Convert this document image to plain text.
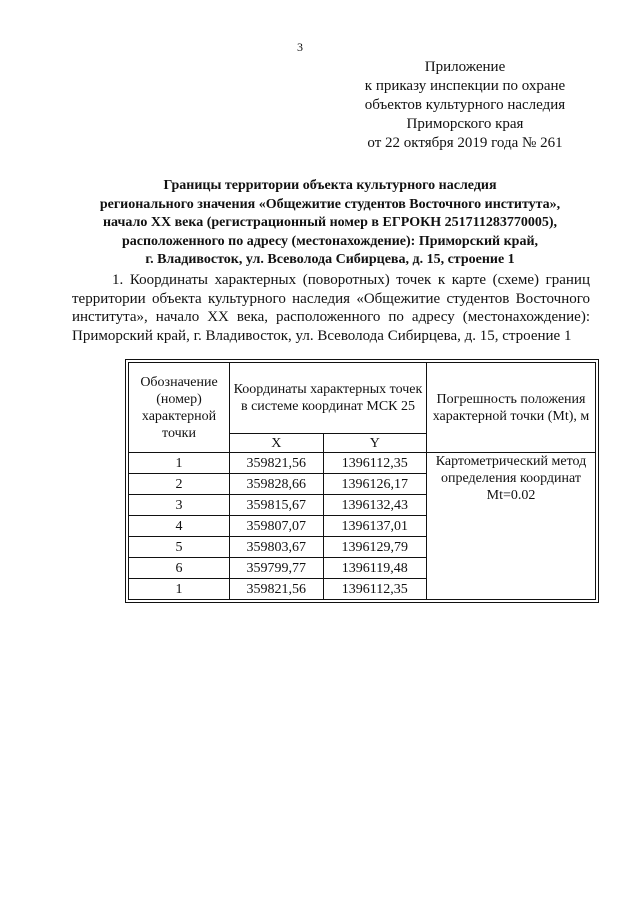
3
Приложение
к приказу инспекции по охране
объектов культурного наследия
Приморского края
от 22 октября 2019 года № 261
Границы территории объекта культурного наследия
регионального значения «Общежитие студентов Восточного института»,
начало XX века (регистрационный номер в ЕГРОКН 251711283770005),
расположенного по адресу (местонахождение): Приморский край,
г. Владивосток, ул. Всеволода Сибирцева, д. 15, строение 1
1. Координаты характерных (поворотных) точек к карте (схеме) границ территории объекта культурного наследия «Общежитие студентов Восточного института», начало XX века, расположенного по адресу (местонахождение): Приморский край, г. Владивосток, ул. Всеволода Сибирцева, д. 15, строение 1
Обозначение (номер) характерной точки	Координаты характерных точек в системе координат МСК 25		Погрешность положения характерной точки (Mt), м
	X	Y	
1	359821,56	1396112,35	Картометрический метод определения координат Mt=0.02
2	359828,66	1396126,17	
3	359815,67	1396132,43	
4	359807,07	1396137,01	
5	359803,67	1396129,79	
6	359799,77	1396119,48	
1	359821,56	1396112,35	
